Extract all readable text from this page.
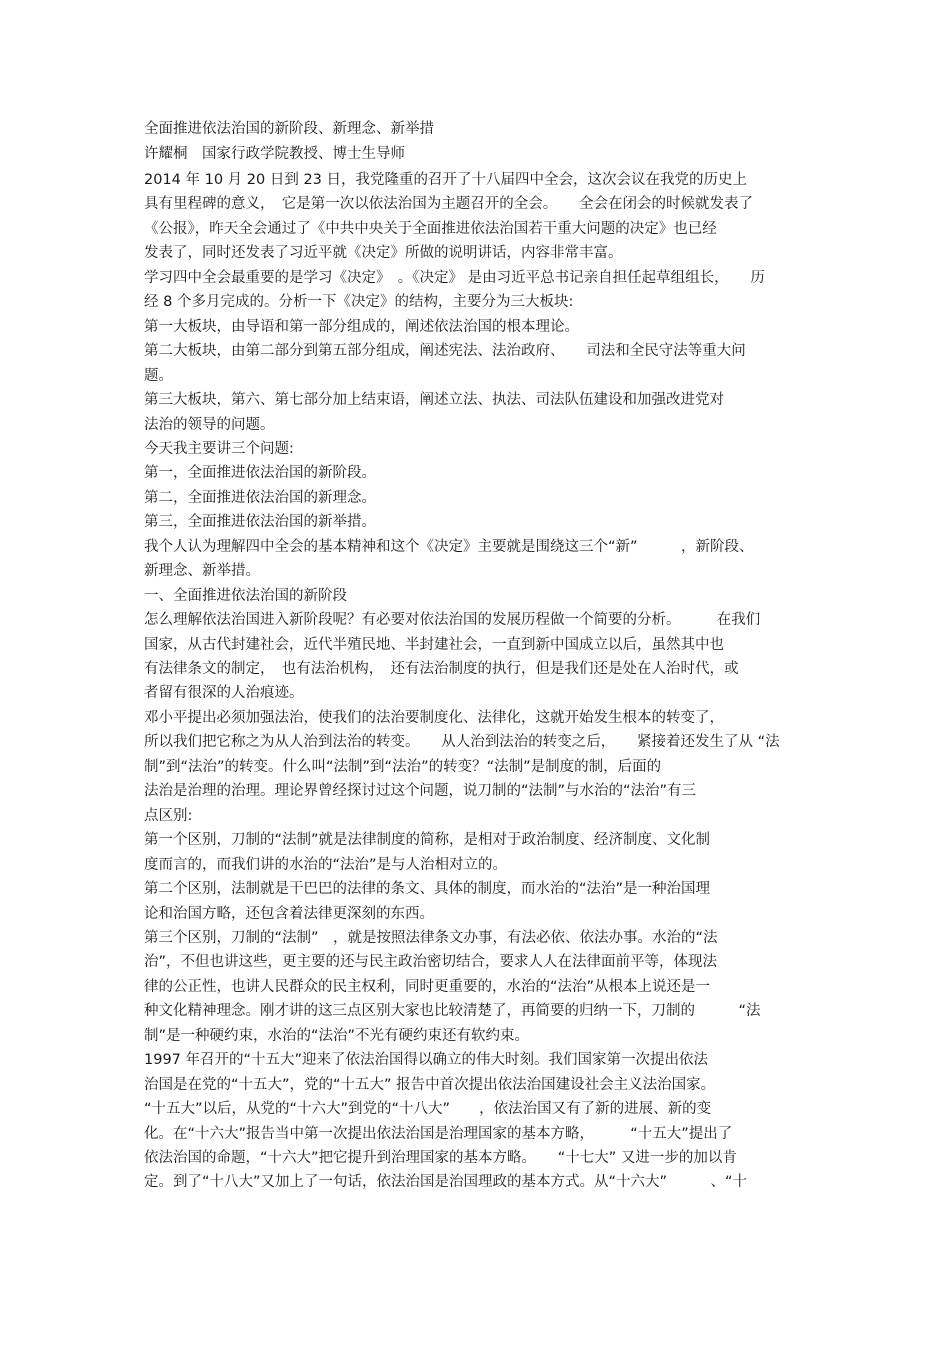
全面推进依法治国的新阶段、新理念、新举措

许耀桐　国家行政学院教授、博士生导师

2014 年 10 月 20 日到 23 日，我党隆重的召开了十八届四中全会，这次会议在我党的历史上

具有里程碑的意义，　它是第一次以依法治国为主题召开的全会。　　全会在闭会的时候就发表了

《公报》，昨天全会通过了《中共中央关于全面推进依法治国若干重大问题的决定》也已经

发表了，同时还发表了习近平就《决定》所做的说明讲话，内容非常丰富。

学习四中全会最重要的是学习《决定》　。《决定》 是由习近平总书记亲自担任起草组组长，　　历

经 8 个多月完成的。分析一下《决定》的结构，主要分为三大板块:

第一大板块，由导语和第一部分组成的，阐述依法治国的根本理论。

第二大板块，由第二部分到第五部分组成，阐述宪法、法治政府、　　司法和全民守法等重大问

题。

第三大板块，第六、第七部分加上结束语，阐述立法、执法、司法队伍建设和加强改进党对

法治的领导的问题。

今天我主要讲三个问题:

第一，全面推进依法治国的新阶段。

第二，全面推进依法治国的新理念。

第三，全面推进依法治国的新举措。

我个人认为理解四中全会的基本精神和这个《决定》主要就是围绕这三个“新”　　　，新阶段、

新理念、新举措。

一、全面推进依法治国的新阶段

怎么理解依法治国进入新阶段呢？有必要对依法治国的发展历程做一个简要的分析。　　　在我们

国家，从古代封建社会，近代半殖民地、半封建社会，一直到新中国成立以后，虽然其中也

有法律条文的制定，　也有法治机构，　还有法治制度的执行，但是我们还是处在人治时代，或

者留有很深的人治痕迹。

邓小平提出必须加强法治，使我们的法治要制度化、法律化，这就开始发生根本的转变了，

所以我们把它称之为从人治到法治的转变。　　从人治到法治的转变之后，　　紧接着还发生了从 “法

制”到“法治”的转变。什么叫“法制”到“法治”的转变？“法制”是制度的制，后面的

法治是治理的治理。理论界曾经探讨过这个问题，说刀制的“法制”与水治的“法治”有三

点区别:

第一个区别，刀制的“法制”就是法律制度的简称，是相对于政治制度、经济制度、文化制

度而言的，而我们讲的水治的“法治”是与人治相对立的。

第二个区别，法制就是干巴巴的法律的条文、具体的制度，而水治的“法治”是一种治国理

论和治国方略，还包含着法律更深刻的东西。

第三个区别，刀制的“法制”　，就是按照法律条文办事，有法必依、依法办事。水治的“法

治”，不但也讲这些，更主要的还与民主政治密切结合，要求人人在法律面前平等，体现法

律的公正性，也讲人民群众的民主权利，同时更重要的，水治的“法治”从根本上说还是一

种文化精神理念。刚才讲的这三点区别大家也比较清楚了，再简要的归纳一下，刀制的　　　“法

制”是一种硬约束，水治的“法治”不光有硬约束还有软约束。

1997 年召开的“十五大”迎来了依法治国得以确立的伟大时刻。我们国家第一次提出依法

治国是在党的“十五大”，党的“十五大” 报告中首次提出依法治国建设社会主义法治国家。

“十五大”以后，从党的“十六大”到党的“十八大”　　，依法治国又有了新的进展、新的变

化。在“十六大”报告当中第一次提出依法治国是治理国家的基本方略，　　　“十五大”提出了

依法治国的命题，“十六大”把它提升到治理国家的基本方略。　　“十七大” 又进一步的加以肯

定。到了“十八大”又加上了一句话，依法治国是治国理政的基本方式。从“十六大”　　　、“十
